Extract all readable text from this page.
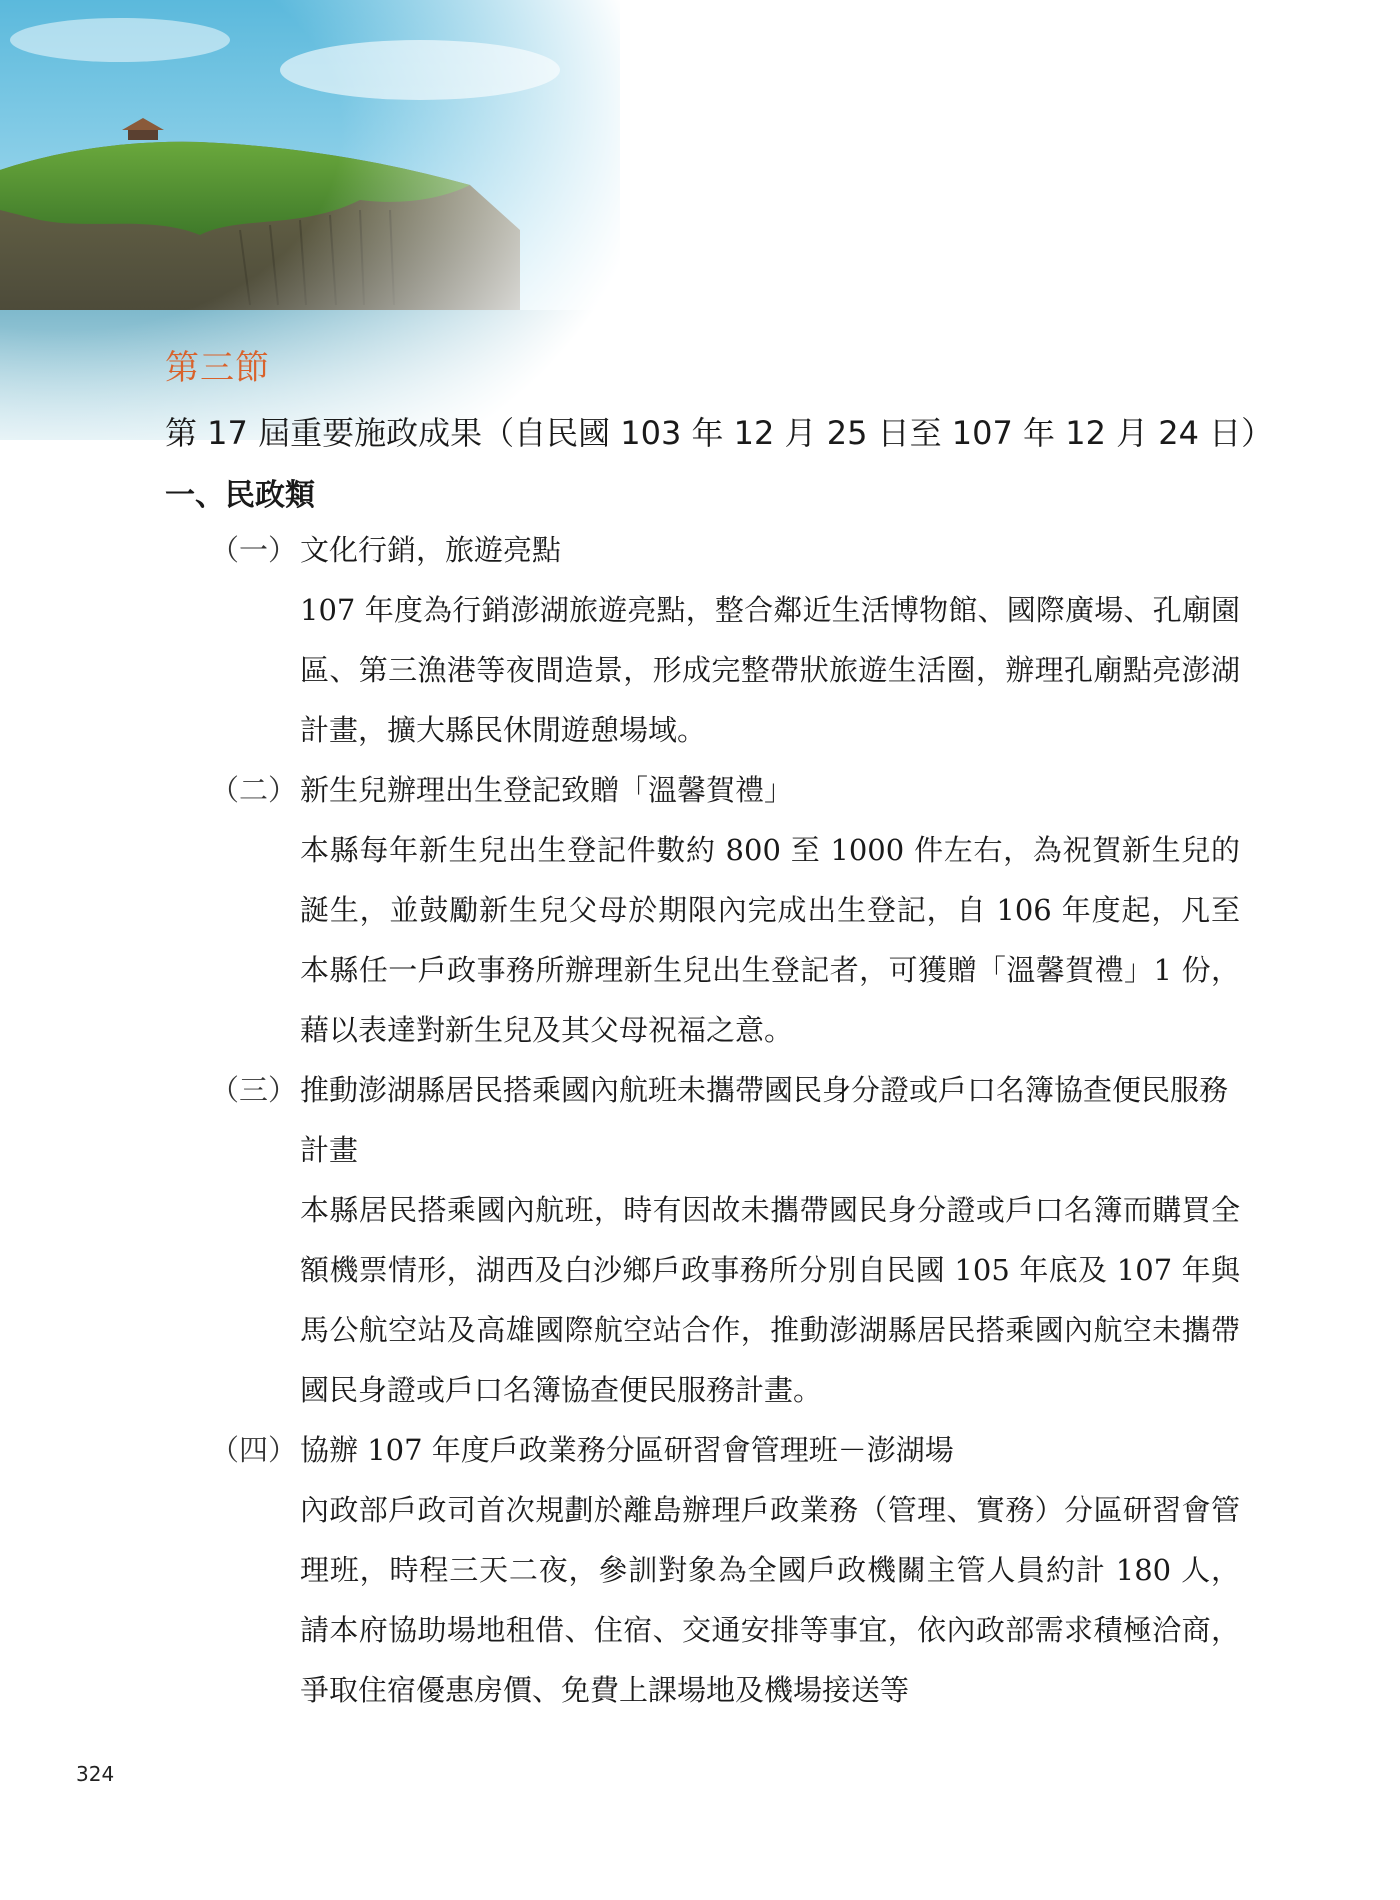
第三節
第 17 屆重要施政成果（自民國 103 年 12 月 25 日至 107 年 12 月 24 日）
一、民政類
（一） 文化行銷，旅遊亮點
107 年度為行銷澎湖旅遊亮點，整合鄰近生活博物館、國際廣場、孔廟園區、第三漁港等夜間造景，形成完整帶狀旅遊生活圈，辦理孔廟點亮澎湖計畫，擴大縣民休閒遊憩場域。
（二） 新生兒辦理出生登記致贈「溫馨賀禮」
本縣每年新生兒出生登記件數約 800 至 1000 件左右，為祝賀新生兒的誕生，並鼓勵新生兒父母於期限內完成出生登記，自 106 年度起，凡至本縣任一戶政事務所辦理新生兒出生登記者，可獲贈「溫馨賀禮」1 份，藉以表達對新生兒及其父母祝福之意。
（三） 推動澎湖縣居民搭乘國內航班未攜帶國民身分證或戶口名簿協查便民服務計畫
本縣居民搭乘國內航班，時有因故未攜帶國民身分證或戶口名簿而購買全額機票情形，湖西及白沙鄉戶政事務所分別自民國 105 年底及 107 年與馬公航空站及高雄國際航空站合作，推動澎湖縣居民搭乘國內航空未攜帶國民身證或戶口名簿協查便民服務計畫。
（四） 協辦 107 年度戶政業務分區研習會管理班－澎湖場
內政部戶政司首次規劃於離島辦理戶政業務（管理、實務）分區研習會管理班，時程三天二夜，參訓對象為全國戶政機關主管人員約計 180 人，請本府協助場地租借、住宿、交通安排等事宜，依內政部需求積極洽商，爭取住宿優惠房價、免費上課場地及機場接送等
324
